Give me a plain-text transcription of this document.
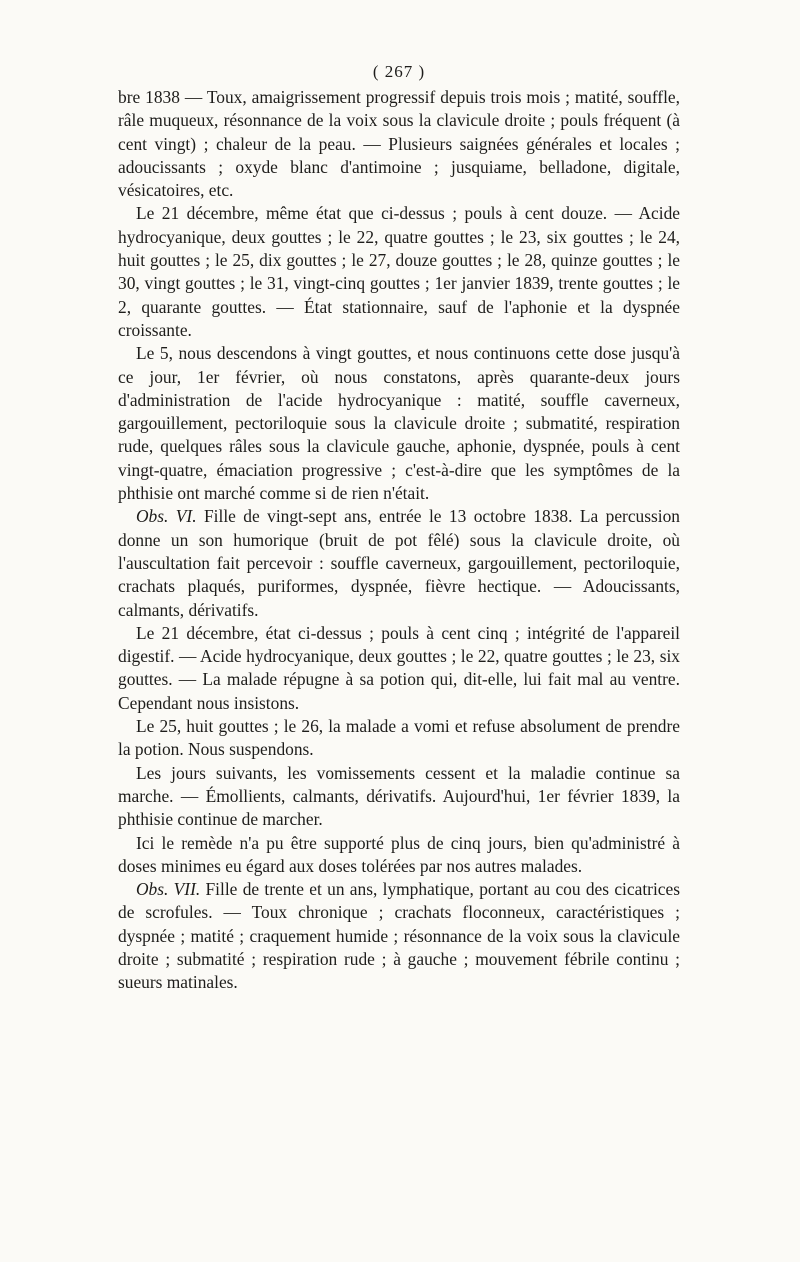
( 267 )

bre 1838 — Toux, amaigrissement progressif depuis trois mois ; matité, souffle, râle muqueux, résonnance de la voix sous la clavicule droite ; pouls fréquent (à cent vingt) ; chaleur de la peau. — Plusieurs saignées générales et locales ; adoucissants ; oxyde blanc d'antimoine ; jusquiame, belladone, digitale, vésicatoires, etc.

Le 21 décembre, même état que ci-dessus ; pouls à cent douze. — Acide hydrocyanique, deux gouttes ; le 22, quatre gouttes ; le 23, six gouttes ; le 24, huit gouttes ; le 25, dix gouttes ; le 27, douze gouttes ; le 28, quinze gouttes ; le 30, vingt gouttes ; le 31, vingt-cinq gouttes ; 1er janvier 1839, trente gouttes ; le 2, quarante gouttes. — État stationnaire, sauf de l'aphonie et la dyspnée croissante.

Le 5, nous descendons à vingt gouttes, et nous continuons cette dose jusqu'à ce jour, 1er février, où nous constatons, après quarante-deux jours d'administration de l'acide hydrocyanique : matité, souffle caverneux, gargouillement, pectoriloquie sous la clavicule droite ; submatité, respiration rude, quelques râles sous la clavicule gauche, aphonie, dyspnée, pouls à cent vingt-quatre, émaciation progressive ; c'est-à-dire que les symptômes de la phthisie ont marché comme si de rien n'était.

Obs. VI. Fille de vingt-sept ans, entrée le 13 octobre 1838. La percussion donne un son humorique (bruit de pot fêlé) sous la clavicule droite, où l'auscultation fait percevoir : souffle caverneux, gargouillement, pectoriloquie, crachats plaqués, puriformes, dyspnée, fièvre hectique. — Adoucissants, calmants, dérivatifs.

Le 21 décembre, état ci-dessus ; pouls à cent cinq ; intégrité de l'appareil digestif. — Acide hydrocyanique, deux gouttes ; le 22, quatre gouttes ; le 23, six gouttes. — La malade répugne à sa potion qui, dit-elle, lui fait mal au ventre. Cependant nous insistons.

Le 25, huit gouttes ; le 26, la malade a vomi et refuse absolument de prendre la potion. Nous suspendons.

Les jours suivants, les vomissements cessent et la maladie continue sa marche. — Émollients, calmants, dérivatifs. Aujourd'hui, 1er février 1839, la phthisie continue de marcher.

Ici le remède n'a pu être supporté plus de cinq jours, bien qu'administré à doses minimes eu égard aux doses tolérées par nos autres malades.

Obs. VII. Fille de trente et un ans, lymphatique, portant au cou des cicatrices de scrofules. — Toux chronique ; crachats floconneux, caractéristiques ; dyspnée ; matité ; craquement humide ; résonnance de la voix sous la clavicule droite ; submatité ; respiration rude ; à gauche ; mouvement fébrile continu ; sueurs matinales.
